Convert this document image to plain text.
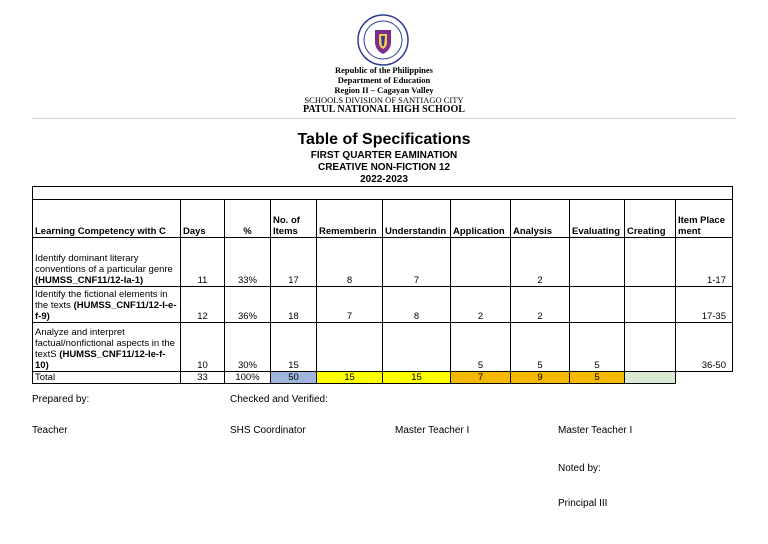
Republic of the Philippines
Department of Education
Region II – Cagayan Valley
SCHOOLS DIVISION OF SANTIAGO CITY
PATUL NATIONAL HIGH SCHOOL
Table of Specifications
FIRST QUARTER EAMINATION
CREATIVE NON-FICTION 12
2022-2023

Learning Competency with C	Days	%	No. of Items	Rememberin	Understandin	Application	Analysis	Evaluating	Creating	Item Placement
Identify dominant literary conventions of a particular genre (HUMSS_CNF11/12-Ia-1)	11	33%	17	8	7		2			1-17
Identify the fictional elements in the texts (HUMSS_CNF11/12-I-e-f-9)	12	36%	18	7	8	2	2			17-35
Analyze and interpret factual/nonfictional aspects in the textS (HUMSS_CNF11/12-Ie-f-10)	10	30%	15			5	5	5		36-50
Total	33	100%	50	15	15	7	9	5		
Prepared by:	Checked and Verified:
Teacher	SHS Coordinator	Master Teacher I	Master Teacher I
Noted by:
Principal III
